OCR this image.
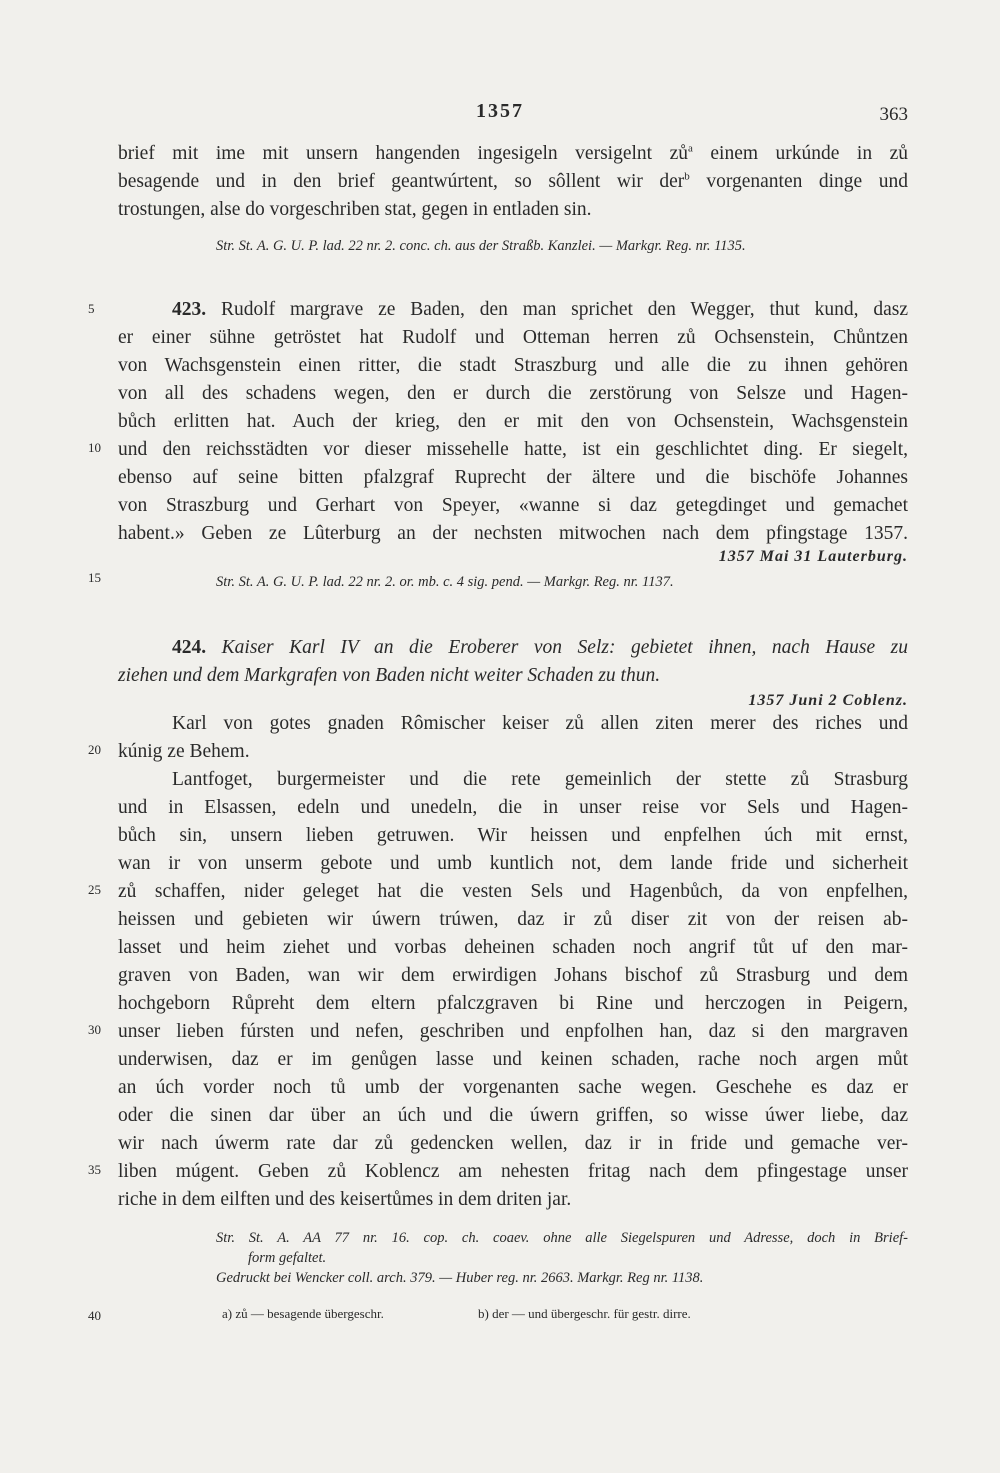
1357	363
brief mit ime mit unsern hangenden ingesigeln versigelnt $zů^a$ einem urkúnde in zů
besagende und in den brief geantwúrtent, so sôllent wir der$^b$ vorgenanten dinge und
trostungen, alse do vorgeschriben stat, gegen in entladen sin.
Str. St. A. G. U. P. lad. 22 nr. 2. conc. ch. aus der Straßb. Kanzlei. — Markgr. Reg. nr. 1135.
5	423. Rudolf margrave ze Baden, den man sprichet den Wegger, thut kund, dasz
er einer sühne getröstet hat Rudolf und Otteman herren zů Ochsenstein, Chůntzen
von Wachsgenstein einen ritter, die stadt Straszburg und alle die zu ihnen gehören
von all des schadens wegen, den er durch die zerstörung von Selsze und Hagen-
bůch erlitten hat. Auch der krieg, den er mit den von Ochsenstein, Wachsgenstein
10 und den reichsstädten vor dieser missehelle hatte, ist ein geschlichtet ding. Er siegelt,
ebenso auf seine bitten pfalzgraf Ruprecht der ältere und die bischöfe Johannes
von Straszburg und Gerhart von Speyer, «wanne si daz getegdinget und gemachet
habent.» Geben ze Lûterburg an der nechsten mitwochen nach dem pfingstage 1357.
1357 Mai 31 Lauterburg.
15	Str. St. A. G. U. P. lad. 22 nr. 2. or. mb. c. 4 sig. pend. — Markgr. Reg. nr. 1137.
424. Kaiser Karl IV an die Eroberer von Selz: gebietet ihnen, nach Hause zu
ziehen und dem Markgrafen von Baden nicht weiter Schaden zu thun.
1357 Juni 2 Coblenz.
Karl von gotes gnaden Rômischer keiser zů allen ziten merer des riches und
20 kúnig ze Behem.
Lantfoget, burgermeister und die rete gemeinlich der stette zů Strasburg
und in Elsassen, edeln und unedeln, die in unser reise vor Sels und Hagen-
bůch sin, unsern lieben getruwen. Wir heissen und enpfelhen úch mit ernst,
wan ir von unserm gebote und umb kuntlich not, dem lande fride und sicherheit
25 zů schaffen, nider geleget hat die vesten Sels und Hagenbůch, da von enpfelhen,
heissen und gebieten wir úwern trúwen, daz ir zů diser zit von der reisen ab-
lasset und heim ziehet und vorbas deheinen schaden noch angrif tůt uf den mar-
graven von Baden, wan wir dem erwirdigen Johans bischof zů Strasburg und dem
hochgeborn Růpreht dem eltern pfalczgraven bi Rine und herczogen in Peigern,
30 unser lieben fúrsten und nefen, geschriben und enpfolhen han, daz si den margraven
underwisen, daz er im genůgen lasse und keinen schaden, rache noch argen můt
an úch vorder noch tů umb der vorgenanten sache wegen. Geschehe es daz er
oder die sinen dar über an úch und die úwern griffen, so wisse úwer liebe, daz
wir nach úwerm rate dar zů gedencken wellen, daz ir in fride und gemache ver-
35 liben múgent. Geben zů Koblencz am nehesten fritag nach dem pfingestage unser
riche in dem eilften und des keisertůmes in dem driten jar.
Str. St. A. AA 77 nr. 16. cop. ch. coaev. ohne alle Siegelspuren und Adresse, doch in Brief-
form gefaltet.
Gedruckt bei Wencker coll. arch. 379. — Huber reg. nr. 2663. Markgr. Reg nr. 1138.
40	a) zů — besagende übergeschr.	b) der — und übergeschr. für gestr. dirre.
